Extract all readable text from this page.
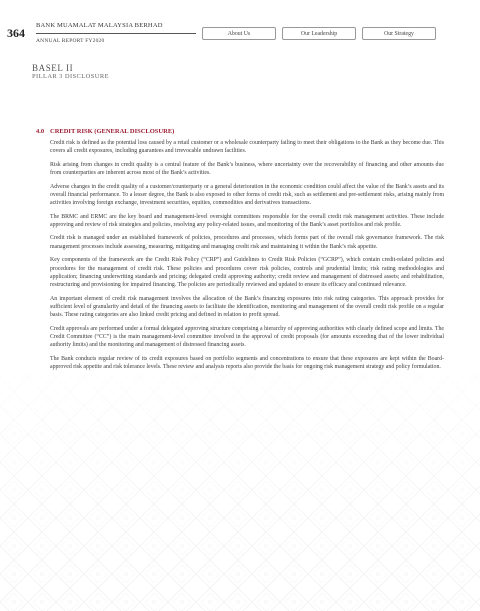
364
BANK MUAMALAT MALAYSIA BERHAD
ANNUAL REPORT FY2020
About Us	Our Leadership	Our Strategy
BASEL II
PILLAR 3 DISCLOSURE
4.0 CREDIT RISK (GENERAL DISCLOSURE)

Credit risk is defined as the potential loss caused by a retail customer or a wholesale counterparty failing to meet their obligations to the Bank as they become due. This covers all credit exposures, including guarantees and irrevocable undrawn facilities.

Risk arising from changes in credit quality is a central feature of the Bank’s business, where uncertainty over the recoverability of financing and other amounts due from counterparties are inherent across most of the Bank’s activities.

Adverse changes in the credit quality of a customer/counterparty or a general deterioration in the economic condition could affect the value of the Bank’s assets and its overall financial performance. To a lesser degree, the Bank is also exposed to other forms of credit risk, such as settlement and pre-settlement risks, arising mainly from activities involving foreign exchange, investment securities, equities, commodities and derivatives transactions.

The BRMC and ERMC are the key board and management-level oversight committees responsible for the overall credit risk management activities. These include approving and review of risk strategies and policies, resolving any policy-related issues, and monitoring of the Bank’s asset portfolios and risk profile.

Credit risk is managed under an established framework of policies, procedures and processes, which forms part of the overall risk governance framework. The risk management processes include assessing, measuring, mitigating and managing credit risk and maintaining it within the Bank’s risk appetite.

Key components of the framework are the Credit Risk Policy (“CRP”) and Guidelines to Credit Risk Policies (“GCRP”), which contain credit-related policies and procedures for the management of credit risk. These policies and procedures cover risk policies, controls and prudential limits; risk rating methodologies and application; financing underwriting standards and pricing; delegated credit approving authority; credit review and management of distressed assets; and rehabilitation, restructuring and provisioning for impaired financing. The policies are periodically reviewed and updated to ensure its efficacy and continued relevance.

An important element of credit risk management involves the allocation of the Bank’s financing exposures into risk rating categories. This approach provides for sufficient level of granularity and detail of the financing assets to facilitate the identification, monitoring and management of the overall credit risk profile on a regular basis. These rating categories are also linked credit pricing and defined in relation to profit spread.

Credit approvals are performed under a formal delegated approving structure comprising a hierarchy of approving authorities with clearly defined scope and limits. The Credit Committee (“CC”) is the main management-level committee involved in the approval of credit proposals (for amounts exceeding that of the lower individual authority limits) and the monitoring and management of distressed financing assets.

The Bank conducts regular review of its credit exposures based on portfolio segments and concentrations to ensure that these exposures are kept within the Board-approved risk appetite and risk tolerance levels. These review and analysis reports also provide the basis for ongoing risk management strategy and policy formulation.
